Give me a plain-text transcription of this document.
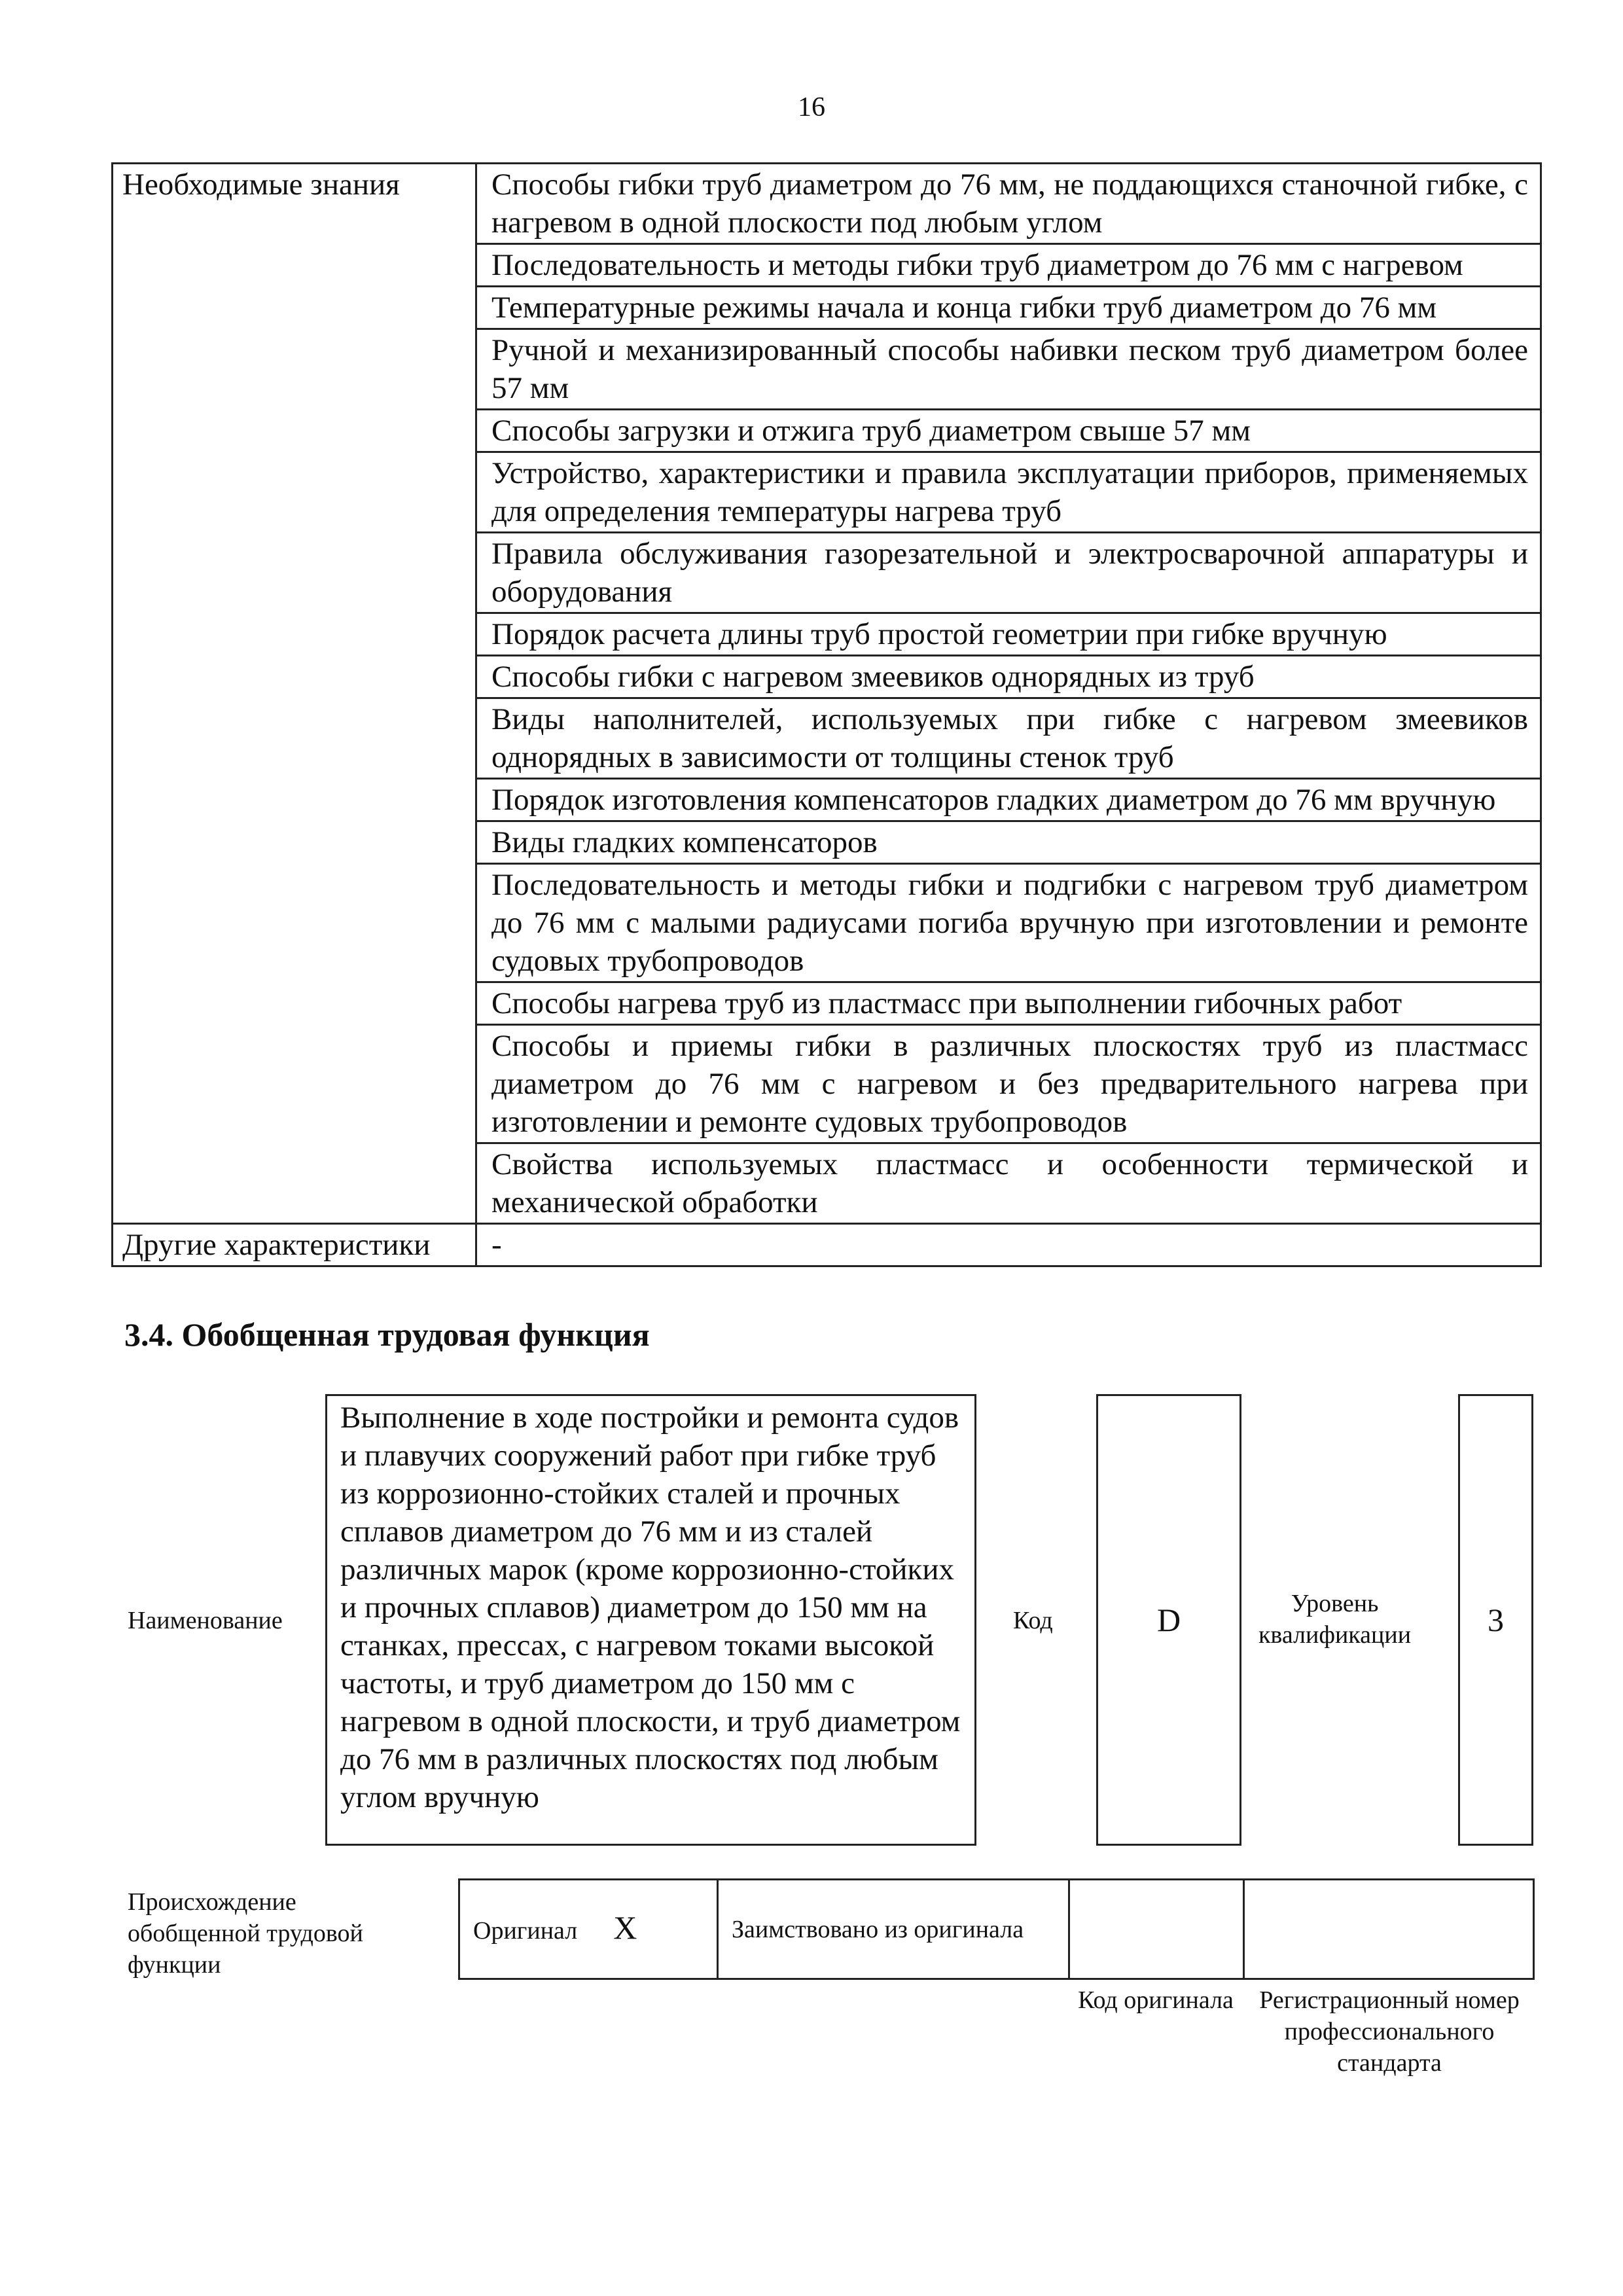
16
Необходимые знания	Способы гибки труб диаметром до 76 мм, не поддающихся станочной гибке, с нагревом в одной плоскости под любым углом
	Последовательность и методы гибки труб диаметром до 76 мм с нагревом
	Температурные режимы начала и конца гибки труб диаметром до 76 мм
	Ручной и механизированный способы набивки песком труб диаметром более 57 мм
	Способы загрузки и отжига труб диаметром свыше 57 мм
	Устройство, характеристики и правила эксплуатации приборов, применяемых для определения температуры нагрева труб
	Правила обслуживания газорезательной и электросварочной аппаратуры и оборудования
	Порядок расчета длины труб простой геометрии при гибке вручную
	Способы гибки с нагревом змеевиков однорядных из труб
	Виды наполнителей, используемых при гибке с нагревом змеевиков однорядных в зависимости от толщины стенок труб
	Порядок изготовления компенсаторов гладких диаметром до 76 мм вручную
	Виды гладких компенсаторов
	Последовательность и методы гибки и подгибки с нагревом труб диаметром до 76 мм с малыми радиусами погиба вручную при изготовлении и ремонте судовых трубопроводов
	Способы нагрева труб из пластмасс при выполнении гибочных работ
	Способы и приемы гибки в различных плоскостях труб из пластмасс диаметром до 76 мм с нагревом и без предварительного нагрева при изготовлении и ремонте судовых трубопроводов
	Свойства используемых пластмасс и особенности термической и механической обработки
Другие характеристики	-
3.4. Обобщенная трудовая функция
Наименование
Выполнение в ходе постройки и ремонта судов и плавучих сооружений работ при гибке труб из коррозионно-стойких сталей и прочных сплавов диаметром до 76 мм и из сталей различных марок (кроме коррозионно-стойких и прочных сплавов) диаметром до 150 мм на станках, прессах, с нагревом токами высокой частоты, и труб диаметром до 150 мм с нагревом в одной плоскости, и труб диаметром до 76 мм в различных плоскостях под любым углом вручную
Код	D	Уровень квалификации	3
Происхождение обобщенной трудовой функции
Оригинал X	Заимствовано из оригинала		
Код оригинала	Регистрационный номер профессионального стандарта
